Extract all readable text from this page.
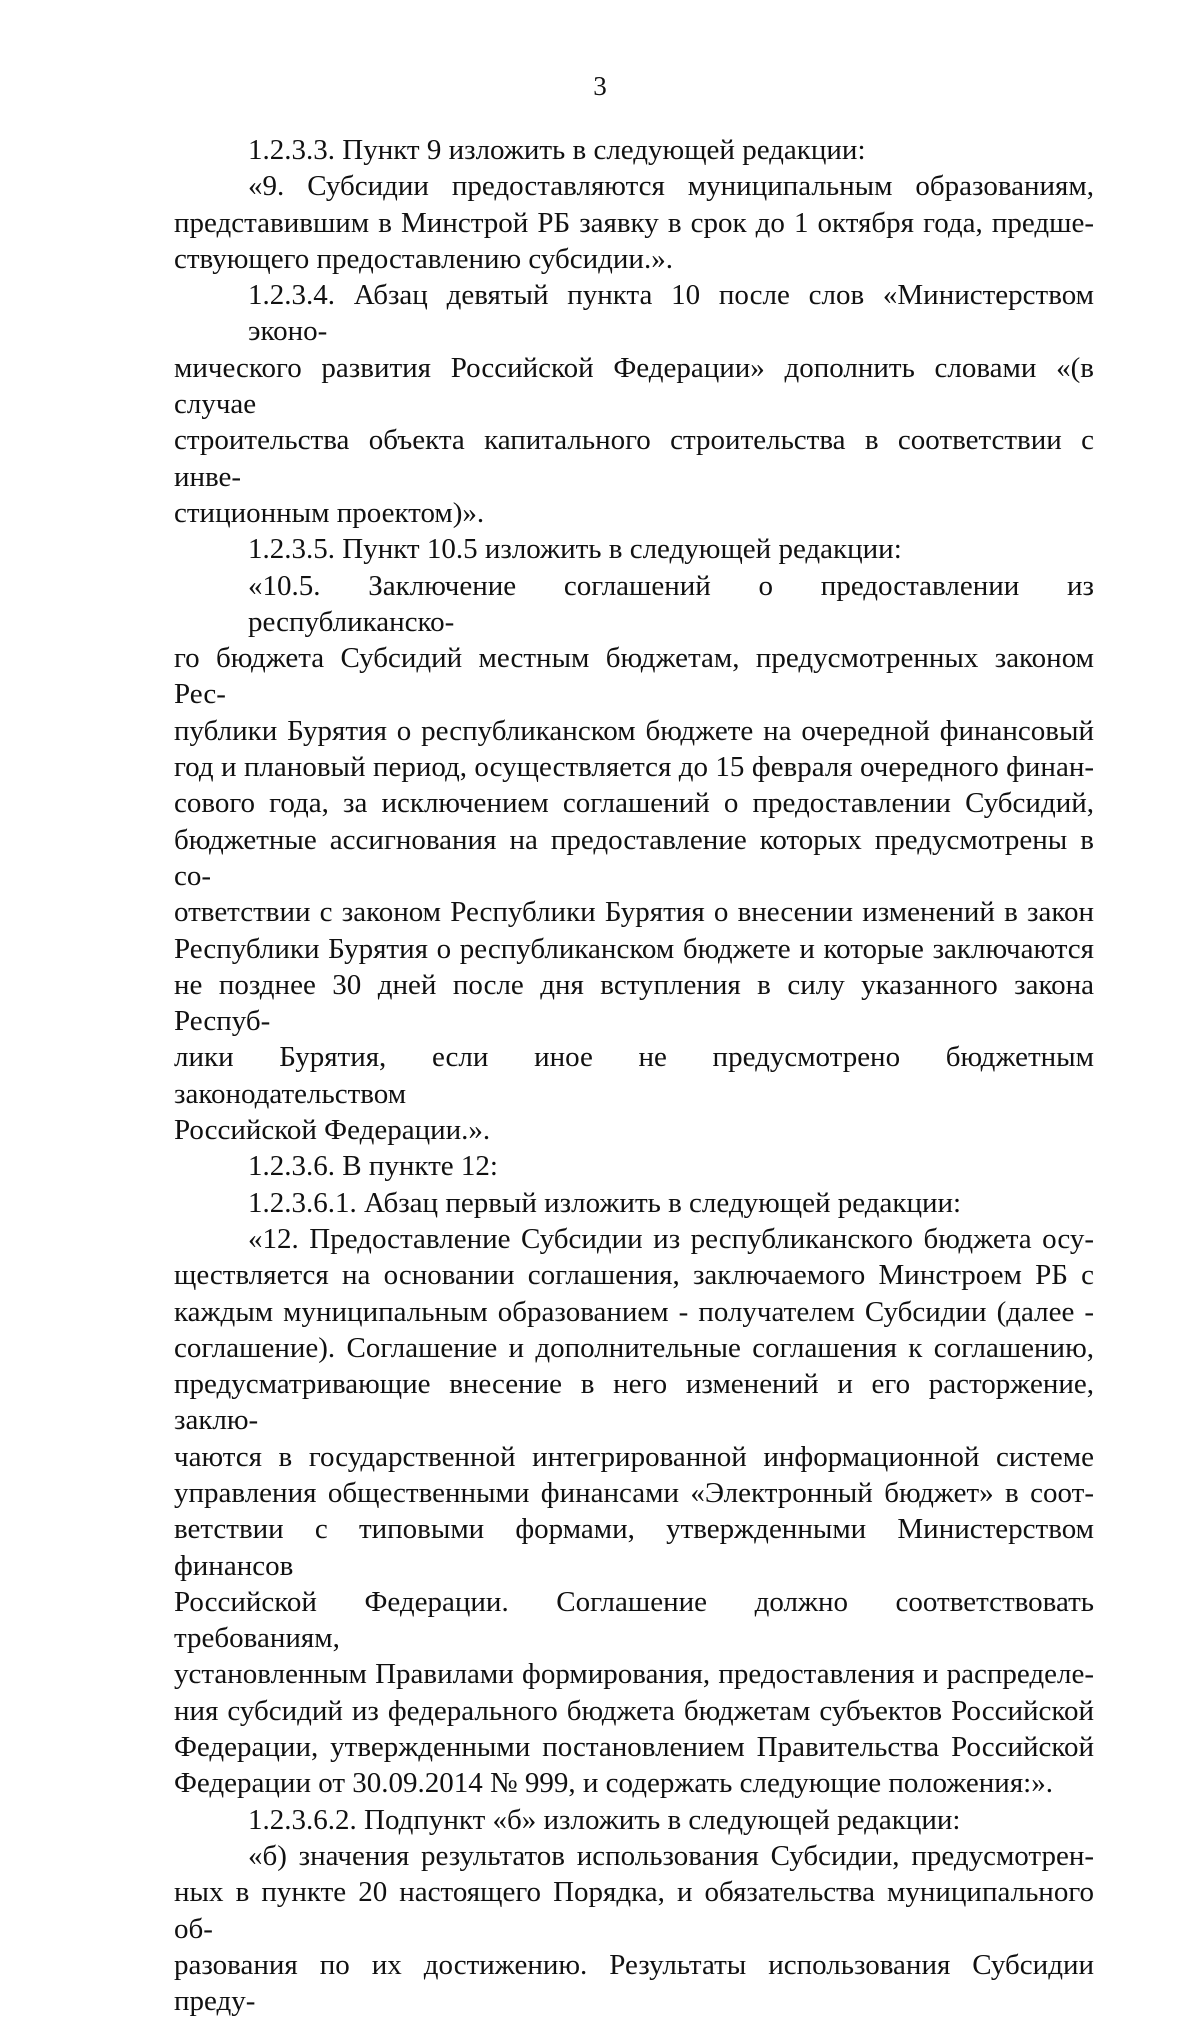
3
1.2.3.3. Пункт 9 изложить в следующей редакции:
«9. Субсидии предоставляются муниципальным образованиям,
представившим в Минстрой РБ заявку в срок до 1 октября года, предше-
ствующего предоставлению субсидии.».
1.2.3.4. Абзац девятый пункта 10 после слов «Министерством эконо-
мического развития Российской Федерации» дополнить словами «(в случае
строительства объекта капитального строительства в соответствии с инве-
стиционным проектом)».
1.2.3.5. Пункт 10.5 изложить в следующей редакции:
«10.5. Заключение соглашений о предоставлении из республиканско-
го бюджета Субсидий местным бюджетам, предусмотренных законом Рес-
публики Бурятия о республиканском бюджете на очередной финансовый
год и плановый период, осуществляется до 15 февраля очередного финан-
сового года, за исключением соглашений о предоставлении Субсидий,
бюджетные ассигнования на предоставление которых предусмотрены в со-
ответствии с законом Республики Бурятия о внесении изменений в закон
Республики Бурятия о республиканском бюджете и которые заключаются
не позднее 30 дней после дня вступления в силу указанного закона Респуб-
лики Бурятия, если иное не предусмотрено бюджетным законодательством
Российской Федерации.».
1.2.3.6. В пункте 12:
1.2.3.6.1. Абзац первый изложить в следующей редакции:
«12. Предоставление Субсидии из республиканского бюджета осу-
ществляется на основании соглашения, заключаемого Минстроем РБ с
каждым муниципальным образованием - получателем Субсидии (далее -
соглашение). Соглашение и дополнительные соглашения к соглашению,
предусматривающие внесение в него изменений и его расторжение, заклю-
чаются в государственной интегрированной информационной системе
управления общественными финансами «Электронный бюджет» в соот-
ветствии с типовыми формами, утвержденными Министерством финансов
Российской Федерации. Соглашение должно соответствовать требованиям,
установленным Правилами формирования, предоставления и распределе-
ния субсидий из федерального бюджета бюджетам субъектов Российской
Федерации, утвержденными постановлением Правительства Российской
Федерации от 30.09.2014 № 999, и содержать следующие положения:».
1.2.3.6.2. Подпункт «б» изложить в следующей редакции:
«б) значения результатов использования Субсидии, предусмотрен-
ных в пункте 20 настоящего Порядка, и обязательства муниципального об-
разования по их достижению. Результаты использования Субсидии преду-
